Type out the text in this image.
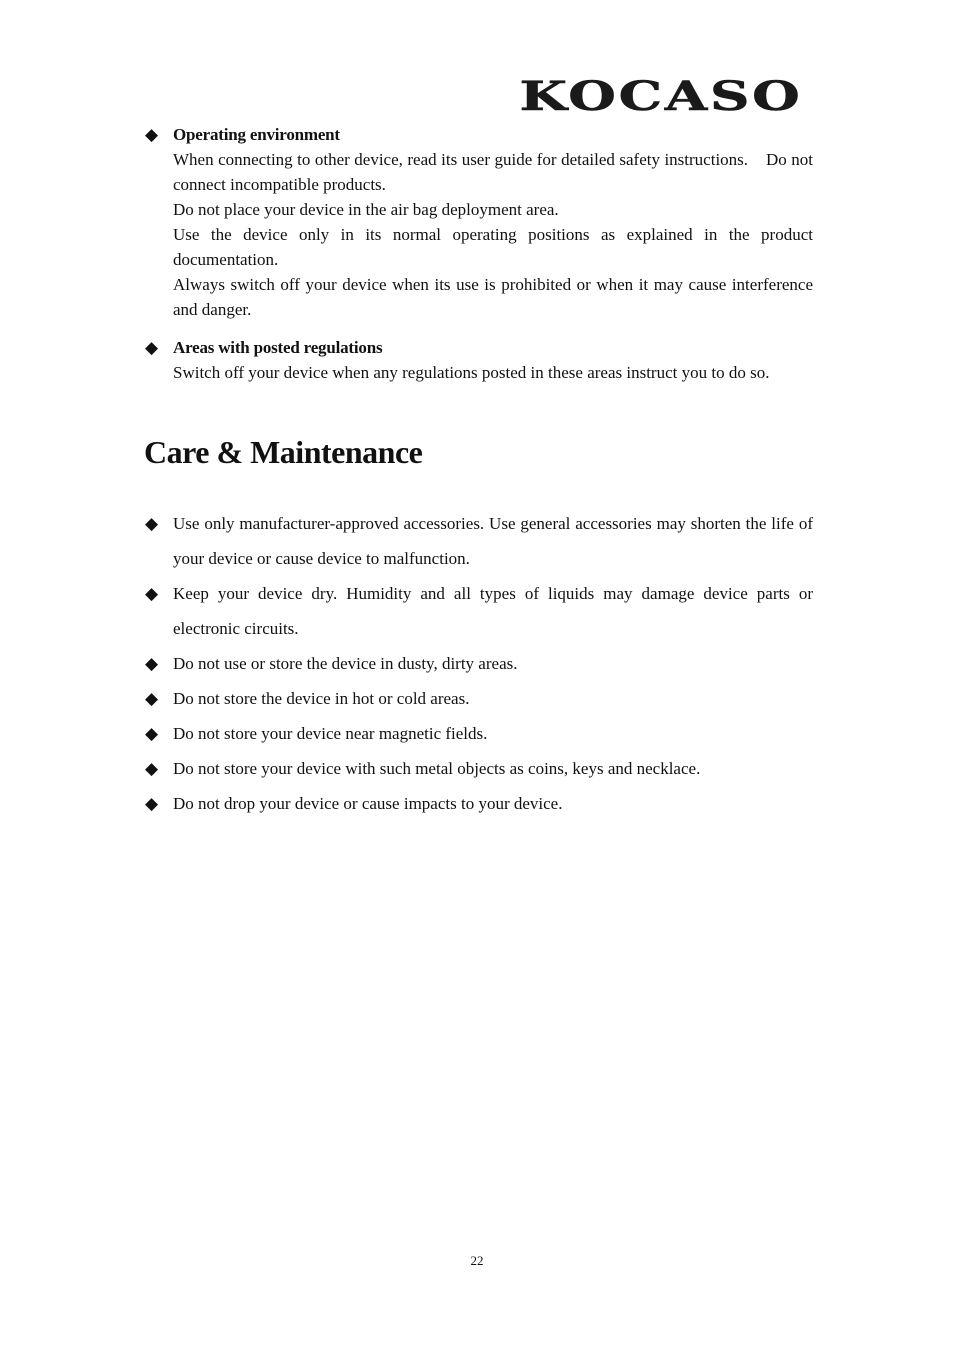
KOCASO
◆ Operating environment
When connecting to other device, read its user guide for detailed safety instructions.    Do not connect incompatible products.
Do not place your device in the air bag deployment area.
Use the device only in its normal operating positions as explained in the product documentation.
Always switch off your device when its use is prohibited or when it may cause interference and danger.
◆ Areas with posted regulations
Switch off your device when any regulations posted in these areas instruct you to do so.
Care & Maintenance
◆ Use only manufacturer-approved accessories. Use general accessories may shorten the life of your device or cause device to malfunction.
◆ Keep your device dry. Humidity and all types of liquids may damage device parts or electronic circuits.
◆ Do not use or store the device in dusty, dirty areas.
◆ Do not store the device in hot or cold areas.
◆ Do not store your device near magnetic fields.
◆ Do not store your device with such metal objects as coins, keys and necklace.
◆ Do not drop your device or cause impacts to your device.
22
